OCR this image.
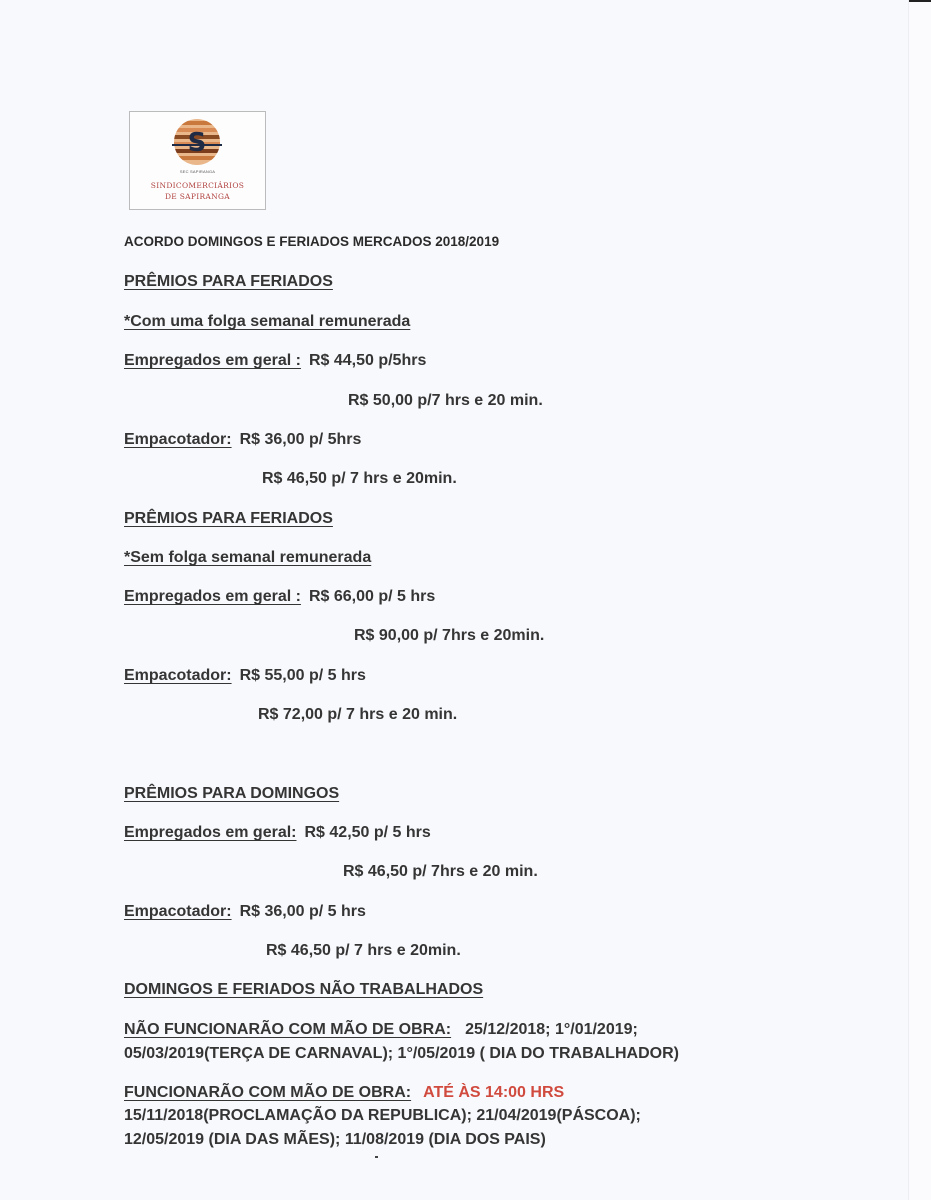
S
SEC SAPIRANGA
SINDICOMERCIÁRIOS
DE SAPIRANGA
ACORDO DOMINGOS E FERIADOS MERCADOS 2018/2019
PRÊMIOS PARA FERIADOS
*Com uma folga semanal remunerada
Empregados em geral : R$ 44,50 p/5hrs
R$ 50,00 p/7 hrs e 20 min.
Empacotador: R$ 36,00 p/ 5hrs
R$ 46,50 p/ 7 hrs e 20min.
PRÊMIOS PARA FERIADOS
*Sem folga semanal remunerada
Empregados em geral : R$ 66,00 p/ 5 hrs
R$ 90,00 p/ 7hrs e 20min.
Empacotador: R$ 55,00 p/ 5 hrs
R$ 72,00 p/ 7 hrs e 20 min.
PRÊMIOS PARA DOMINGOS
Empregados em geral: R$ 42,50 p/ 5 hrs
R$ 46,50 p/ 7hrs e 20 min.
Empacotador: R$ 36,00 p/ 5 hrs
R$ 46,50 p/ 7 hrs e 20min.
DOMINGOS E FERIADOS NÃO TRABALHADOS
NÃO FUNCIONARÃO COM MÃO DE OBRA: 25/12/2018; 1°/01/2019;
05/03/2019(TERÇA DE CARNAVAL); 1°/05/2019 ( DIA DO TRABALHADOR)
FUNCIONARÃO COM MÃO DE OBRA: ATÉ ÀS 14:00 HRS
15/11/2018(PROCLAMAÇÃO DA REPUBLICA); 21/04/2019(PÁSCOA);
12/05/2019 (DIA DAS MÃES); 11/08/2019 (DIA DOS PAIS)
